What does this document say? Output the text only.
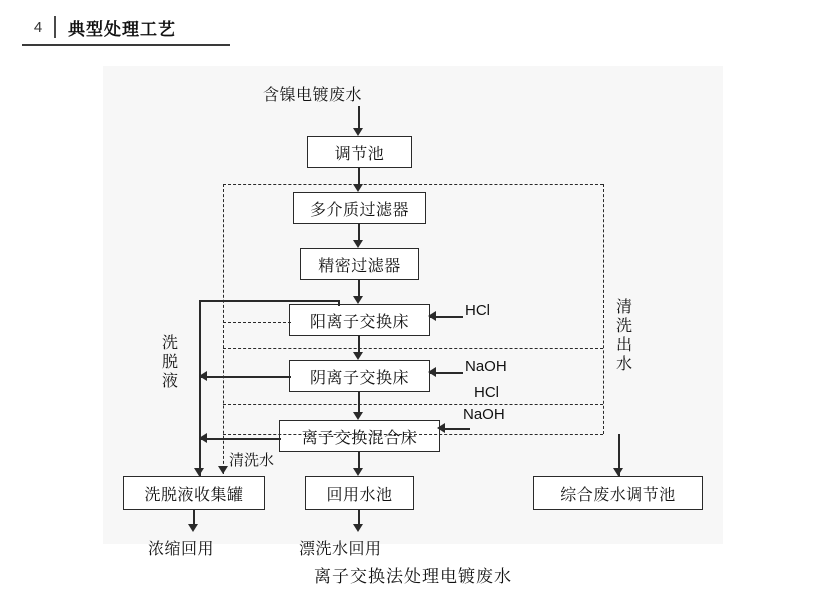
4	典型处理工艺
含镍电镀废水
调节池
多介质过滤器
精密过滤器
阳离子交换床
阴离子交换床
离子交换混合床
回用水池
漂洗水回用
洗脱液收集罐
浓缩回用
综合废水调节池
洗脱液
清洗水
清洗出水
HCl
NaOH
HCl
NaOH
离子交换法处理电镀废水
